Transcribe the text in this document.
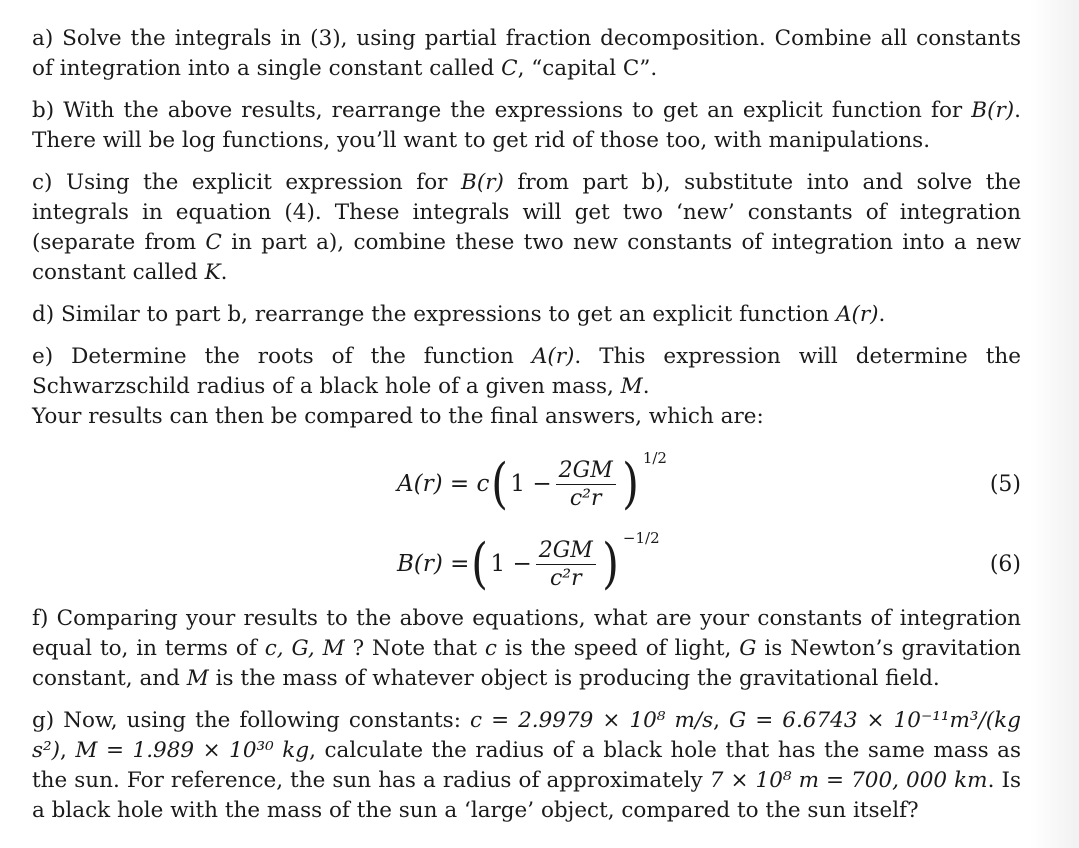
a) Solve the integrals in (3), using partial fraction decomposition. Combine all constants of integration into a single constant called C, “capital C”.

b) With the above results, rearrange the expressions to get an explicit function for B(r). There will be log functions, you’ll want to get rid of those too, with manipulations.

c) Using the explicit expression for B(r) from part b), substitute into and solve the integrals in equation (4). These integrals will get two ‘new’ constants of integration (separate from C in part a), combine these two new constants of integration into a new constant called K.

d) Similar to part b, rearrange the expressions to get an explicit function A(r).

e) Determine the roots of the function A(r). This expression will determine the Schwarzschild radius of a black hole of a given mass, M.

Your results can then be compared to the final answers, which are:

A(r) = c ( $1 - \frac{2GM}{\text{c²r}}$ ) 1/2
(5)
B(r) = ( $1 - \frac{2GM}{\text{c²r}}$ ) −1/2
(6)

f) Comparing your results to the above equations, what are your constants of integration equal to, in terms of c, G, M ? Note that c is the speed of light, G is Newton’s gravitation constant, and M is the mass of whatever object is producing the gravitational field.

g) Now, using the following constants: c = 2.9979 × 10⁸ m/s, G = 6.6743 × 10⁻¹¹m³/(kg s²), M = 1.989 × 10³⁰ kg, calculate the radius of a black hole that has the same mass as the sun. For reference, the sun has a radius of approximately 7 × 10⁸ m = 700, 000 km. Is a black hole with the mass of the sun a ‘large’ object, compared to the sun itself?
